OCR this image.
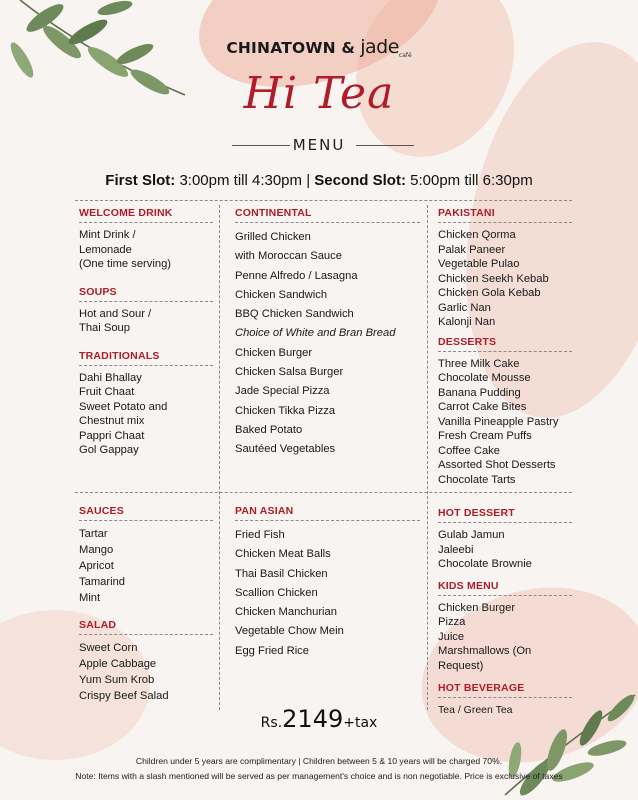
CHINATOWN & jade$_{café}$
Hi Tea
MENU
First Slot: 3:00pm till 4:30pm | Second Slot: 5:00pm till 6:30pm
WELCOME DRINK
Mint Drink /
Lemonade
(One time serving)
SOUPS
Hot and Sour /
Thai Soup
TRADITIONALS
Dahi Bhallay
Fruit Chaat
Sweet Potato and
Chestnut mix
Pappri Chaat
Gol Gappay
SAUCES
Tartar
Mango
Apricot
Tamarind
Mint
SALAD
Sweet Corn
Apple Cabbage
Yum Sum Krob
Crispy Beef Salad
CONTINENTAL
Grilled Chicken
with Moroccan Sauce
Penne Alfredo / Lasagna
Chicken Sandwich
BBQ Chicken Sandwich
Choice of White and Bran Bread
Chicken Burger
Chicken Salsa Burger
Jade Special Pizza
Chicken Tikka Pizza
Baked Potato
Sautéed Vegetables
PAN ASIAN
Fried Fish
Chicken Meat Balls
Thai Basil Chicken
Scallion Chicken
Chicken Manchurian
Vegetable Chow Mein
Egg Fried Rice
PAKISTANI
Chicken Qorma
Palak Paneer
Vegetable Pulao
Chicken Seekh Kebab
Chicken Gola Kebab
Garlic Nan
Kalonji Nan
DESSERTS
Three Milk Cake
Chocolate Mousse
Banana Pudding
Carrot Cake Bites
Vanilla Pineapple Pastry
Fresh Cream Puffs
Coffee Cake
Assorted Shot Desserts
Chocolate Tarts
HOT DESSERT
Gulab Jamun
Jaleebi
Chocolate Brownie
KIDS MENU
Chicken Burger
Pizza
Juice
Marshmallows (On Request)
HOT BEVERAGE
Tea / Green Tea
Rs.2149+tax
Children under 5 years are complimentary | Children between 5 & 10 years will be charged 70%.
Note: Items with a slash mentioned will be served as per management's choice and is non negotiable. Price is exclusive of taxes
